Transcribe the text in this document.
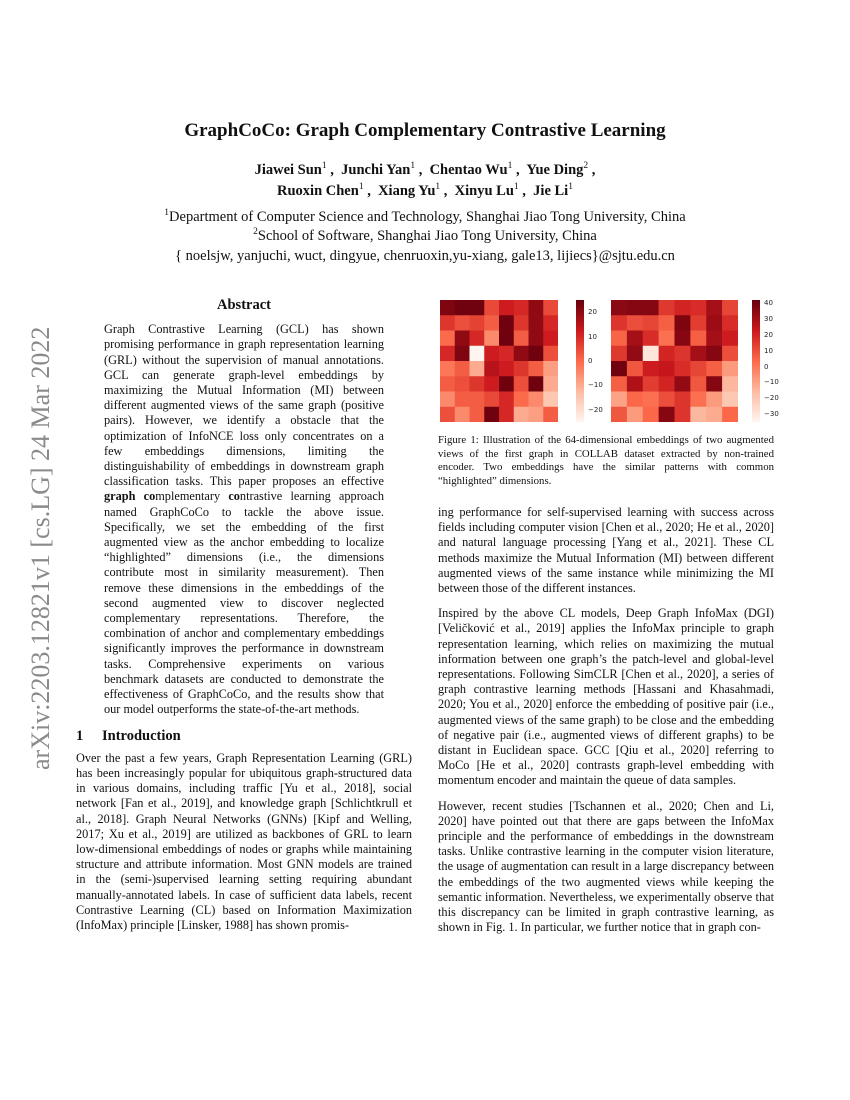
GraphCoCo: Graph Complementary Contrastive Learning
Jiawei Sun$^1$ ,  Junchi Yan$^1$ ,  Chentao Wu$^1$ ,  Yue Ding$^2$ ,
Ruoxin Chen$^1$ ,  Xiang Yu$^1$ ,  Xinyu Lu$^1$ ,  Jie Li$^1$
$^1$Department of Computer Science and Technology, Shanghai Jiao Tong University, China
$^2$School of Software, Shanghai Jiao Tong University, China
{ noelsjw, yanjuchi, wuct, dingyue, chenruoxin,yu-xiang, gale13, lijiecs}@sjtu.edu.cn
arXiv:2203.12821v1 [cs.LG] 24 Mar 2022
Abstract

Graph Contrastive Learning (GCL) has shown promising performance in graph representation learning (GRL) without the supervision of manual annotations. GCL can generate graph-level embeddings by maximizing the Mutual Information (MI) between different augmented views of the same graph (positive pairs). However, we identify a obstacle that the optimization of InfoNCE loss only concentrates on a few embeddings dimensions, limiting the distinguishability of embeddings in downstream graph classification tasks. This paper proposes an effective graph complementary contrastive learning approach named GraphCoCo to tackle the above issue. Specifically, we set the embedding of the first augmented view as the anchor embedding to localize “highlighted” dimensions (i.e., the dimensions contribute most in similarity measurement). Then remove these dimensions in the embeddings of the second augmented view to discover neglected complementary representations. Therefore, the combination of anchor and complementary embeddings significantly improves the performance in downstream tasks. Comprehensive experiments on various benchmark datasets are conducted to demonstrate the effectiveness of GraphCoCo, and the results show that our model outperforms the state-of-the-art methods.

1 Introduction

Over the past a few years, Graph Representation Learning (GRL) has been increasingly popular for ubiquitous graph-structured data in various domains, including traffic [Yu et al., 2018], social network [Fan et al., 2019], and knowledge graph [Schlichtkrull et al., 2018]. Graph Neural Networks (GNNs) [Kipf and Welling, 2017; Xu et al., 2019] are utilized as backbones of GRL to learn low-dimensional embeddings of nodes or graphs while maintaining structure and attribute information. Most GNN models are trained in the (semi-)supervised learning setting requiring abundant manually-annotated labels. In case of sufficient data labels, recent Contrastive Learning (CL) based on Information Maximization (InfoMax) principle [Linsker, 1988] has shown promis-

20
10
0
−10
−20
40
30
20
10
0
−10
−20
−30
Figure 1: Illustration of the 64-dimensional embeddings of two augmented views of the first graph in COLLAB dataset extracted by non-trained encoder. Two embeddings have the similar patterns with common “highlighted” dimensions.

ing performance for self-supervised learning with success across fields including computer vision [Chen et al., 2020; He et al., 2020] and natural language processing [Yang et al., 2021]. These CL methods maximize the Mutual Information (MI) between different augmented views of the same instance while minimizing the MI between those of the different instances.

Inspired by the above CL models, Deep Graph InfoMax (DGI) [Veličković et al., 2019] applies the InfoMax principle to graph representation learning, which relies on maximizing the mutual information between one graph’s the patch-level and global-level representations. Following SimCLR [Chen et al., 2020], a series of graph contrastive learning methods [Hassani and Khasahmadi, 2020; You et al., 2020] enforce the embedding of positive pair (i.e., augmented views of the same graph) to be close and the embedding of negative pair (i.e., augmented views of different graphs) to be distant in Euclidean space. GCC [Qiu et al., 2020] referring to MoCo [He et al., 2020] contrasts graph-level embedding with momentum encoder and maintain the queue of data samples.

However, recent studies [Tschannen et al., 2020; Chen and Li, 2020] have pointed out that there are gaps between the InfoMax principle and the performance of embeddings in the downstream tasks. Unlike contrastive learning in the computer vision literature, the usage of augmentation can result in a large discrepancy between the embeddings of the two augmented views while keeping the semantic information. Nevertheless, we experimentally observe that this discrepancy can be limited in graph contrastive learning, as shown in Fig. 1. In particular, we further notice that in graph con-
